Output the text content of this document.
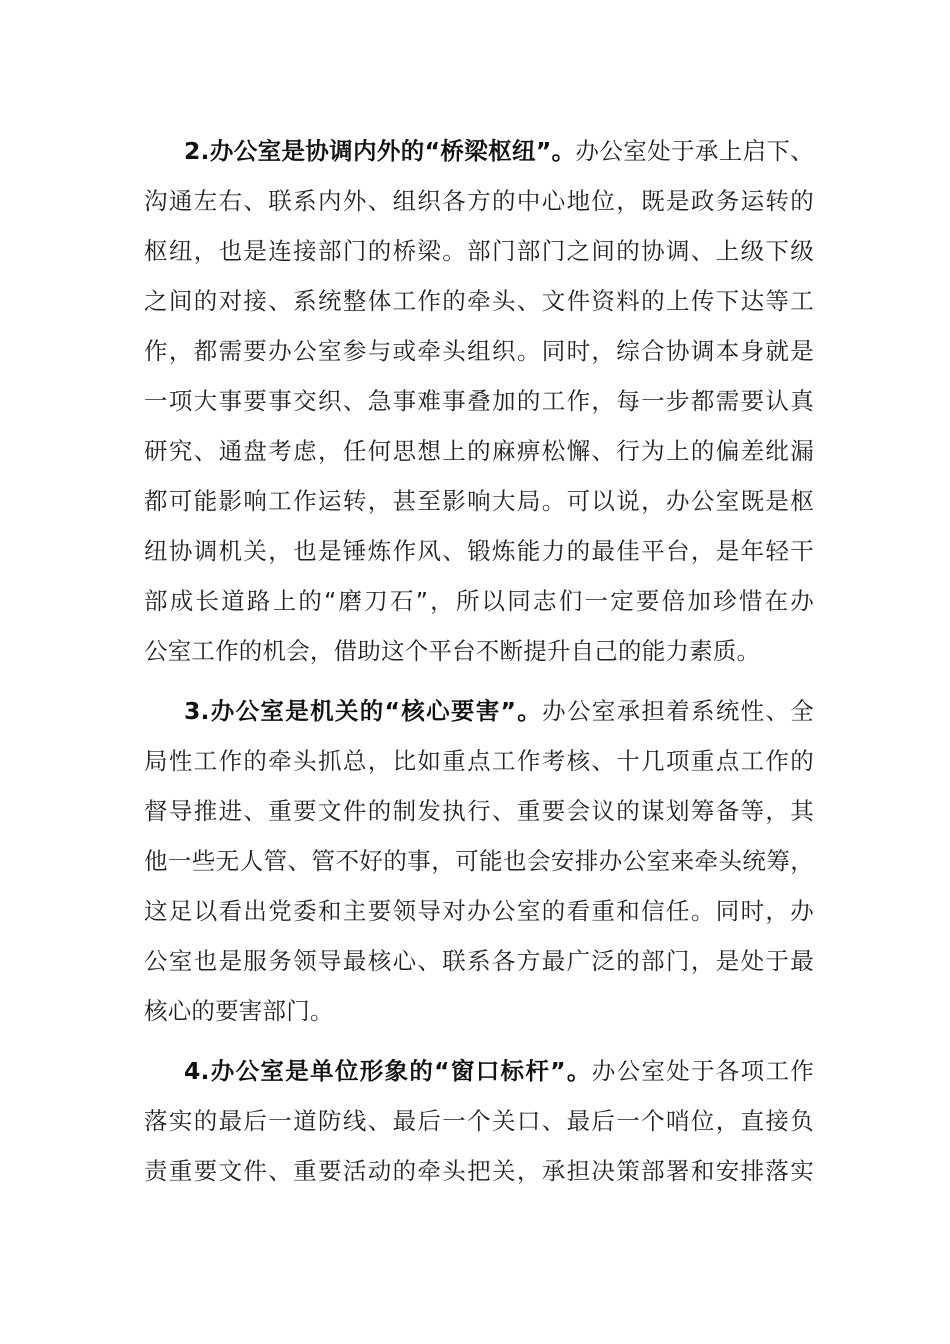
2.办公室是协调内外的“桥梁枢纽”。办公室处于承上启下、
沟通左右、联系内外、组织各方的中心地位，既是政务运转的
枢纽，也是连接部门的桥梁。部门部门之间的协调、上级下级
之间的对接、系统整体工作的牵头、文件资料的上传下达等工
作，都需要办公室参与或牵头组织。同时，综合协调本身就是
一项大事要事交织、急事难事叠加的工作，每一步都需要认真
研究、通盘考虑，任何思想上的麻痹松懈、行为上的偏差纰漏
都可能影响工作运转，甚至影响大局。可以说，办公室既是枢
纽协调机关，也是锤炼作风、锻炼能力的最佳平台，是年轻干
部成长道路上的“磨刀石”，所以同志们一定要倍加珍惜在办
公室工作的机会，借助这个平台不断提升自己的能力素质。
3.办公室是机关的“核心要害”。办公室承担着系统性、全
局性工作的牵头抓总，比如重点工作考核、十几项重点工作的
督导推进、重要文件的制发执行、重要会议的谋划筹备等，其
他一些无人管、管不好的事，可能也会安排办公室来牵头统筹，
这足以看出党委和主要领导对办公室的看重和信任。同时，办
公室也是服务领导最核心、联系各方最广泛的部门，是处于最
核心的要害部门。
4.办公室是单位形象的“窗口标杆”。办公室处于各项工作
落实的最后一道防线、最后一个关口、最后一个哨位，直接负
责重要文件、重要活动的牵头把关，承担决策部署和安排落实
